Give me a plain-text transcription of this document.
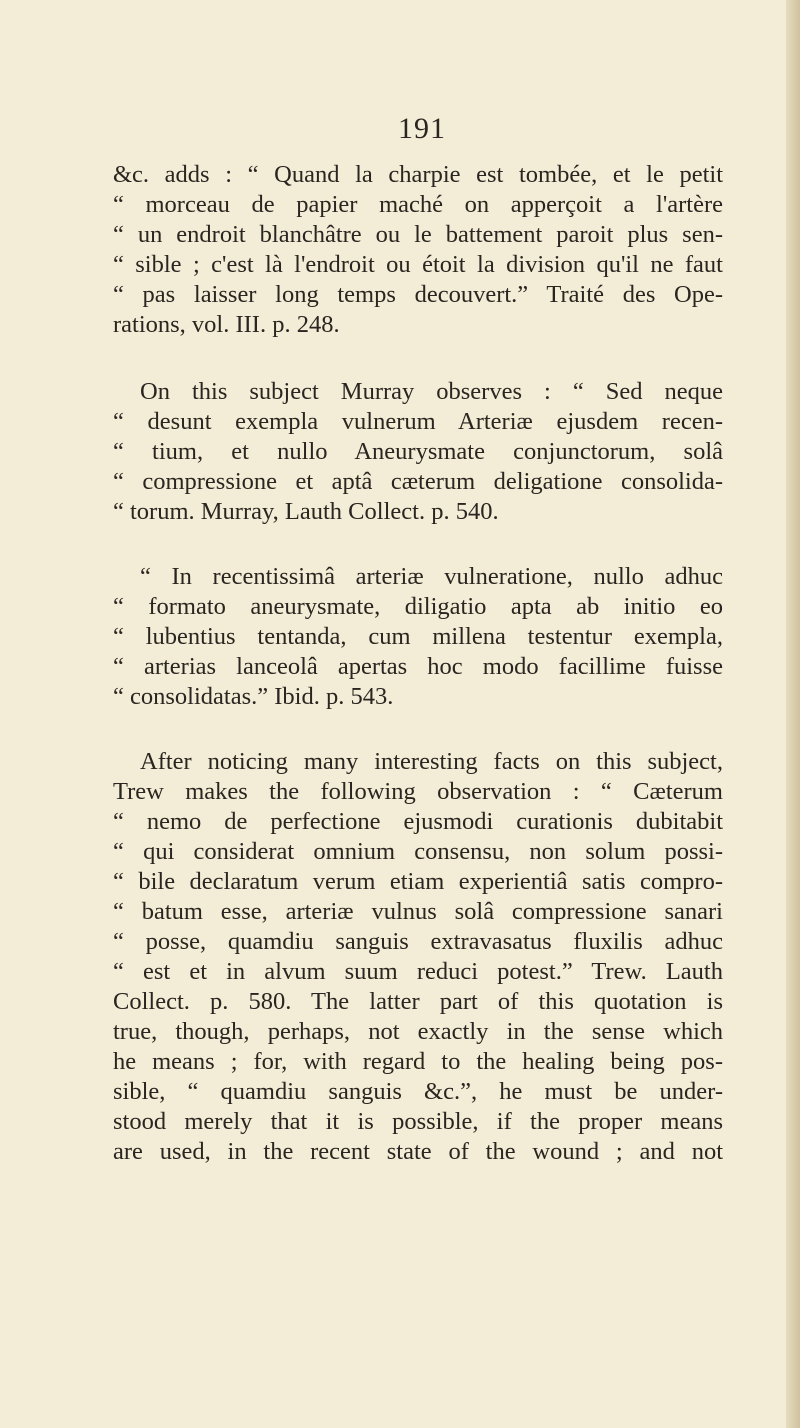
191
&c. adds : “ Quand la charpie est tombée, et le petit
“ morceau de papier maché on apperçoit a l'artère
“ un endroit blanchâtre ou le battement paroit plus sen-
“ sible ; c'est là l'endroit ou étoit la division qu'il ne faut
“ pas laisser long temps decouvert.” Traité des Ope-
rations, vol. III. p. 248.
On this subject Murray observes : “ Sed neque
“ desunt exempla vulnerum Arteriæ ejusdem recen-
“ tium, et nullo Aneurysmate conjunctorum, solâ
“ compressione et aptâ cæterum deligatione consolida-
“ torum. Murray, Lauth Collect. p. 540.
“ In recentissimâ arteriæ vulneratione, nullo adhuc
“ formato aneurysmate, diligatio apta ab initio eo
“ lubentius tentanda, cum millena testentur exempla,
“ arterias lanceolâ apertas hoc modo facillime fuisse
“ consolidatas.” Ibid. p. 543.
After noticing many interesting facts on this subject,
Trew makes the following observation : “ Cæterum
“ nemo de perfectione ejusmodi curationis dubitabit
“ qui considerat omnium consensu, non solum possi-
“ bile declaratum verum etiam experientiâ satis compro-
“ batum esse, arteriæ vulnus solâ compressione sanari
“ posse, quamdiu sanguis extravasatus fluxilis adhuc
“ est et in alvum suum reduci potest.” Trew. Lauth
Collect. p. 580. The latter part of this quotation is
true, though, perhaps, not exactly in the sense which
he means ; for, with regard to the healing being pos-
sible, “ quamdiu sanguis &c.”, he must be under-
stood merely that it is possible, if the proper means
are used, in the recent state of the wound ; and not
